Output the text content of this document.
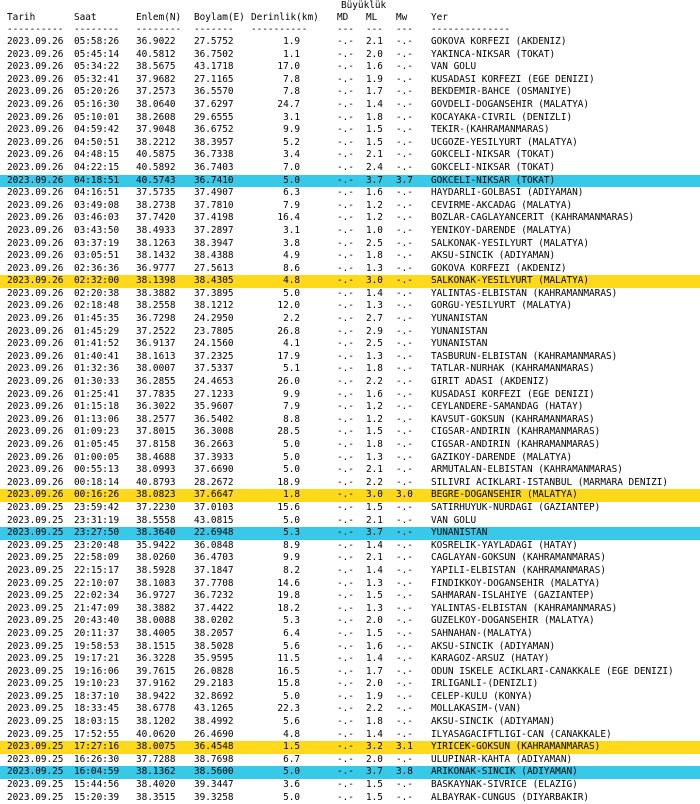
Büyüklük
Tarih	Saat	Enlem(N) Boylam(E) Derinlik(km) MD ML Mw	Yer
---------- -------- -------- ------- ----------	--- --- --- --------------
2023.09.26 05:58:26 36.9022 27.5752	1.9	-.- 2.1 -.- GOKOVA KORFEZI (AKDENIZ)
2023.09.26 05:45:14 40.5812 36.7502	1.1	-.- 2.0 -.- YAKINCA-NIKSAR (TOKAT)
2023.09.26 05:34:22 38.5675 43.1718	17.0	-.- 1.6 -.- VAN GOLU
2023.09.26 05:32:41 37.9682 27.1165	7.8	-.- 1.9 -.- KUSADASI KORFEZI (EGE DENIZI)
2023.09.26 05:20:26 37.2573 36.5570	7.8	-.- 1.7 -.- BEKDEMIR-BAHCE (OSMANIYE)
2023.09.26 05:16:30 38.0640 37.6297	24.7	-.- 1.4 -.- GOVDELI-DOGANSEHIR (MALATYA)
2023.09.26 05:10:01 38.2608 29.6555	3.1	-.- 1.8 -.- KOCAYAKA-CIVRIL (DENIZLI)
2023.09.26 04:59:42 37.9048 36.6752	9.9	-.- 1.5 -.- TEKIR-(KAHRAMANMARAS)
2023.09.26 04:50:51 38.2212 38.3957	5.2	-.- 1.5 -.- UCGOZE-YESILYURT (MALATYA)
2023.09.26 04:48:15 40.5875 36.7338	3.4	-.- 2.1 -.- GOKCELI-NIKSAR (TOKAT)
2023.09.26 04:22:15 40.5892 36.7403	7.0	-.- 2.4 -.- GOKCELI-NIKSAR (TOKAT)
2023.09.26 04:18:51 40.5743 36.7410	5.0	-.- 3.7 3.7 GOKCELI-NIKSAR (TOKAT)
2023.09.26 04:16:51 37.5735 37.4907	6.3	-.- 1.6 -.- HAYDARLI-GOLBASI (ADIYAMAN)
2023.09.26 03:49:08 38.2738 37.7810	7.9	-.- 1.2 -.- CEVIRME-AKCADAG (MALATYA)
2023.09.26 03:46:03 37.7420 37.4198	16.4	-.- 1.2 -.- BOZLAR-CAGLAYANCERIT (KAHRAMANMARAS)
2023.09.26 03:43:50 38.4933 37.2897	3.1	-.- 1.0 -.- YENIKOY-DARENDE (MALATYA)
2023.09.26 03:37:19 38.1263 38.3947	3.8	-.- 2.5 -.- SALKONAK-YESILYURT (MALATYA)
2023.09.26 03:05:51 38.1432 38.4388	4.9	-.- 1.8 -.- AKSU-SINCIK (ADIYAMAN)
2023.09.26 02:36:36 36.9777 27.5613	8.6	-.- 1.3 -.- GOKOVA KORFEZI (AKDENIZ)
2023.09.26 02:32:00 38.1398 38.4305	4.8	-.- 3.0 -.- SALKONAK-YESILYURT (MALATYA)
2023.09.26 02:20:38 38.3882 37.3895	5.0	-.- 1.4 -.- YALINTAS-ELBISTAN (KAHRAMANMARAS)
2023.09.26 02:18:48 38.2558 38.1212	12.0	-.- 1.3 -.- GORGU-YESILYURT (MALATYA)
2023.09.26 01:45:35 36.7298 24.2950	2.2	-.- 2.7 -.- YUNANISTAN
2023.09.26 01:45:29 37.2522 23.7805	26.8	-.- 2.9 -.- YUNANISTAN
2023.09.26 01:41:52 36.9137 24.1560	4.1	-.- 2.5 -.- YUNANISTAN
2023.09.26 01:40:41 38.1613 37.2325	17.9	-.- 1.3 -.- TASBURUN-ELBISTAN (KAHRAMANMARAS)
2023.09.26 01:32:36 38.0007 37.5337	5.1	-.- 1.8 -.- TATLAR-NURHAK (KAHRAMANMARAS)
2023.09.26 01:30:33 36.2855 24.4653	26.0	-.- 2.2 -.- GIRIT ADASI (AKDENIZ)
2023.09.26 01:25:41 37.7835 27.1233	9.9	-.- 1.6 -.- KUSADASI KORFEZI (EGE DENIZI)
2023.09.26 01:15:18 36.3022 35.9607	7.9	-.- 1.2 -.- CEYLANDERE-SAMANDAG (HATAY)
2023.09.26 01:13:06 38.2577 36.5402	8.8	-.- 1.2 -.- KAVSUT-GOKSUN (KAHRAMANMARAS)
2023.09.26 01:09:23 37.8015 36.3008	28.5	-.- 1.5 -.- CIGSAR-ANDIRIN (KAHRAMANMARAS)
2023.09.26 01:05:45 37.8158 36.2663	5.0	-.- 1.8 -.- CIGSAR-ANDIRIN (KAHRAMANMARAS)
2023.09.26 01:00:05 38.4688 37.3933	5.0	-.- 1.3 -.- GAZIKOY-DARENDE (MALATYA)
2023.09.26 00:55:13 38.0993 37.6690	5.0	-.- 2.1 -.- ARMUTALAN-ELBISTAN (KAHRAMANMARAS)
2023.09.26 00:18:14 40.8793 28.2672	18.9	-.- 2.2 -.- SILIVRI ACIKLARI-ISTANBUL (MARMARA DENIZI)
2023.09.26 00:16:26 38.0823 37.6647	1.8	-.- 3.0 3.0 BEGRE-DOGANSEHIR (MALATYA)
2023.09.25 23:59:42 37.2230 37.0103	15.6	-.- 1.5 -.- SATIRHUYUK-NURDAGI (GAZIANTEP)
2023.09.25 23:31:19 38.5558 43.0815	5.0	-.- 2.1 -.- VAN GOLU
2023.09.25 23:27:50 38.3640 22.6948	5.3	-.- 3.7 -.- YUNANISTAN
2023.09.25 23:20:48 35.9422 36.0848	8.9	-.- 1.4 -.- KOSRELIK-YAYLADAGI (HATAY)
2023.09.25 22:58:09 38.0260 36.4703	9.9	-.- 2.1 -.- CAGLAYAN-GOKSUN (KAHRAMANMARAS)
2023.09.25 22:15:17 38.5928 37.1847	8.2	-.- 1.4 -.- YAPILI-ELBISTAN (KAHRAMANMARAS)
2023.09.25 22:10:07 38.1083 37.7708	14.6	-.- 1.3 -.- FINDIKKOY-DOGANSEHIR (MALATYA)
2023.09.25 22:02:34 36.9727 36.7232	19.8	-.- 1.5 -.- SAHMARAN-ISLAHIYE (GAZIANTEP)
2023.09.25 21:47:09 38.3882 37.4422	18.2	-.- 1.3 -.- YALINTAS-ELBISTAN (KAHRAMANMARAS)
2023.09.25 20:43:40 38.0088 38.0202	5.3	-.- 2.0 -.- GUZELKOY-DOGANSEHIR (MALATYA)
2023.09.25 20:11:37 38.4005 38.2057	6.4	-.- 1.5 -.- SAHNAHAN-(MALATYA)
2023.09.25 19:58:53 38.1515 38.5028	5.6	-.- 1.6 -.- AKSU-SINCIK (ADIYAMAN)
2023.09.25 19:17:21 36.3228 35.9595	11.5	-.- 1.4 -.- KARAGOZ-ARSUZ (HATAY)
2023.09.25 19:16:06 39.7615 26.0828	16.5	-.- 1.7 -.- ODUN ISKELE ACIKLARI-CANAKKALE (EGE DENIZI)
2023.09.25 19:10:23 37.9162 29.2183	15.8	-.- 2.0 -.- IRLIGANLI-(DENIZLI)
2023.09.25 18:37:10 38.9422 32.8692	5.0	-.- 1.9 -.- CELEP-KULU (KONYA)
2023.09.25 18:33:45 38.6778 43.1265	22.3	-.- 2.2 -.- MOLLAKASIM-(VAN)
2023.09.25 18:03:15 38.1202 38.4992	5.6	-.- 1.8 -.- AKSU-SINCIK (ADIYAMAN)
2023.09.25 17:52:55 40.0620 26.4690	4.8	-.- 1.4 -.- ILYASAGACIFTLIGI-CAN (CANAKKALE)
2023.09.25 17:27:16 38.0075 36.4548	1.5	-.- 3.2 3.1 YIRICEK-GOKSUN (KAHRAMANMARAS)
2023.09.25 16:26:30 37.7288 38.7698	6.7	-.- 2.0 -.- ULUPINAR-KAHTA (ADIYAMAN)
2023.09.25 16:04:59 38.1362 38.5600	5.0	-.- 3.7 3.8 ARIKONAK-SINCIK (ADIYAMAN)
2023.09.25 15:44:56 38.4020 39.3447	3.6	-.- 1.5 -.- BASKAYNAK-SIVRICE (ELAZIG)
2023.09.25 15:20:39 38.3515 39.3258	5.0	-.- 1.5 -.- ALBAYRAK-CUNGUS (DIYARBAKIR)
